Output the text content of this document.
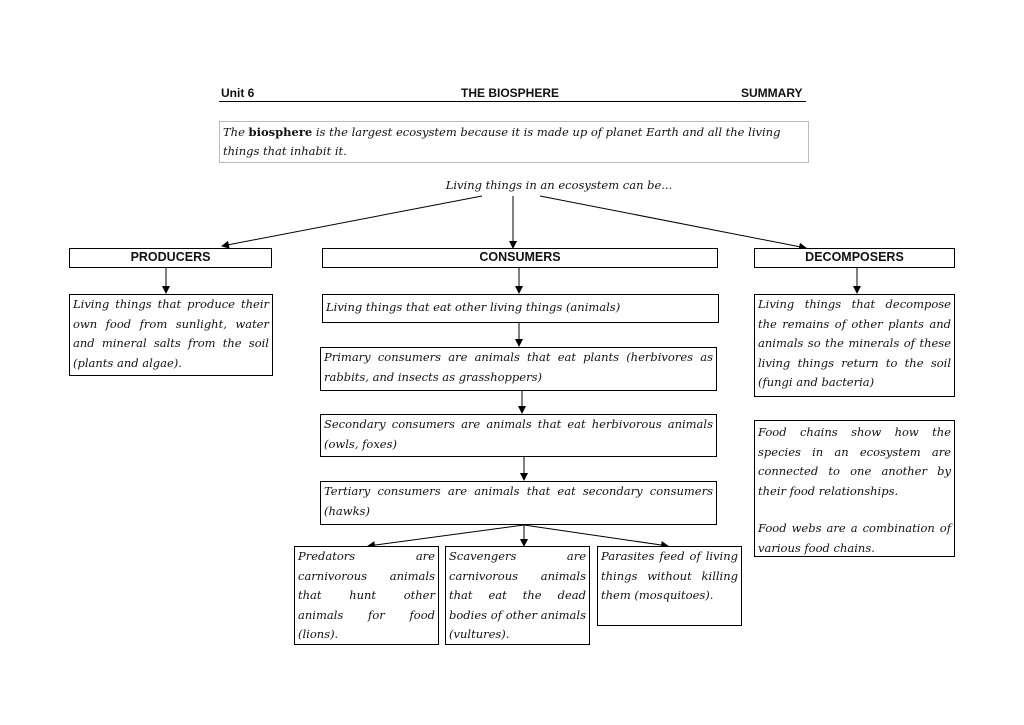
Unit 6	THE BIOSPHERE	SUMMARY
The biosphere is the largest ecosystem because it is made up of planet Earth and all the living things that inhabit it.
Living things in an ecosystem can be...
PRODUCERS	CONSUMERS	DECOMPOSERS
Living things that produce their own food from sunlight, water and mineral salts from the soil (plants and algae).
Living things that eat other living things (animals)
Primary consumers are animals that eat plants (herbivores as rabbits, and insects as grasshoppers)
Secondary consumers are animals that eat herbivorous animals (owls, foxes)
Tertiary consumers are animals that eat secondary consumers (hawks)
Predators are carnivorous animals that hunt other animals for food (lions).
Scavengers are carnivorous animals that eat the dead bodies of other animals (vultures).
Parasites feed of living things without killing them (mosquitoes).
Living things that decompose the remains of other plants and animals so the minerals of these living things return to the soil (fungi and bacteria)
Food chains show how the species in an ecosystem are connected to one another by their food relationships.
Food webs are a combination of various food chains.
